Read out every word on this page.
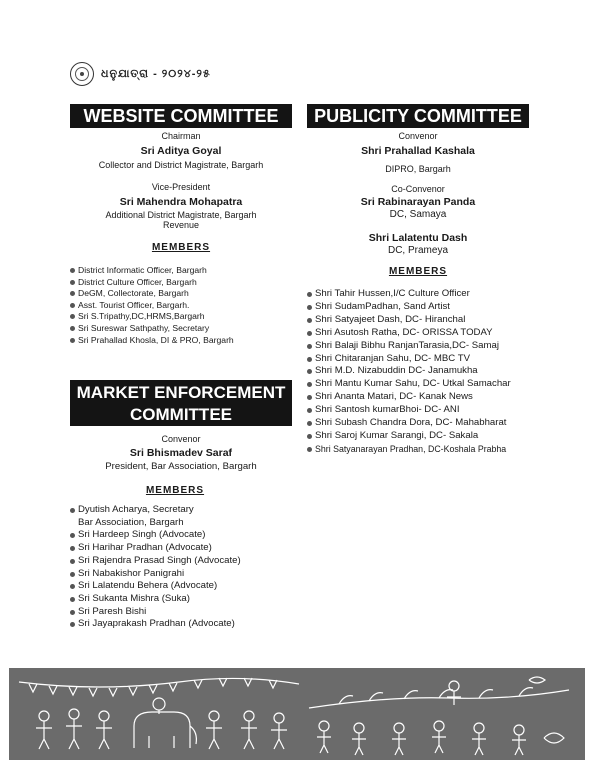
ଧନୁଯାତ୍ରା - ୨୦୨୪-୨୫
WEBSITE COMMITTEE
Chairman
Sri Aditya Goyal
Collector and District Magistrate, Bargarh
Vice-President
Sri Mahendra Mohapatra
Additional District Magistrate, Bargarh
Revenue
MEMBERS
District Informatic Officer, Bargarh
District Culture Officer, Bargarh
DeGM, Collectorate, Bargarh
Asst. Tourist Officer, Bargarh.
Sri S.Tripathy,DC,HRMS,Bargarh
Sri Sureswar Sathpathy, Secretary
Sri Prahallad Khosla, DI & PRO, Bargarh
PUBLICITY COMMITTEE
Convenor
Shri Prahallad Kashala
DIPRO, Bargarh
Co-Convenor
Sri Rabinarayan Panda
DC, Samaya
Shri Lalatentu Dash
DC, Prameya
MEMBERS
Shri Tahir Hussen,I/C Culture Officer
Shri SudamPadhan, Sand Artist
Shri Satyajeet Dash, DC- Hiranchal
Shri Asutosh Ratha, DC- ORISSA TODAY
Shri Balaji Bibhu RanjanTarasia,DC- Samaj
Shri Chitaranjan Sahu, DC- MBC TV
Shri M.D. Nizabuddin DC- Janamukha
Shri Mantu Kumar Sahu, DC- Utkal Samachar
Shri Ananta Matari, DC- Kanak News
Shri Santosh kumarBhoi- DC- ANI
Shri Subash Chandra Dora, DC- Mahabharat
Shri Saroj Kumar Sarangi, DC- Sakala
Shri Satyanarayan Pradhan, DC-Koshala Prabha
MARKET ENFORCEMENT
COMMITTEE
Convenor
Sri Bhismadev Saraf
President, Bar Association, Bargarh
MEMBERS
Dyutish Acharya, Secretary
Bar Association, Bargarh
Sri Hardeep Singh (Advocate)
Sri Harihar Pradhan (Advocate)
Sri Rajendra Prasad Singh (Advocate)
Sri Nabakishor Panigrahi
Sri Lalatendu Behera (Advocate)
Sri Sukanta Mishra (Suka)
Sri Paresh Bishi
Sri Jayaprakash Pradhan (Advocate)
